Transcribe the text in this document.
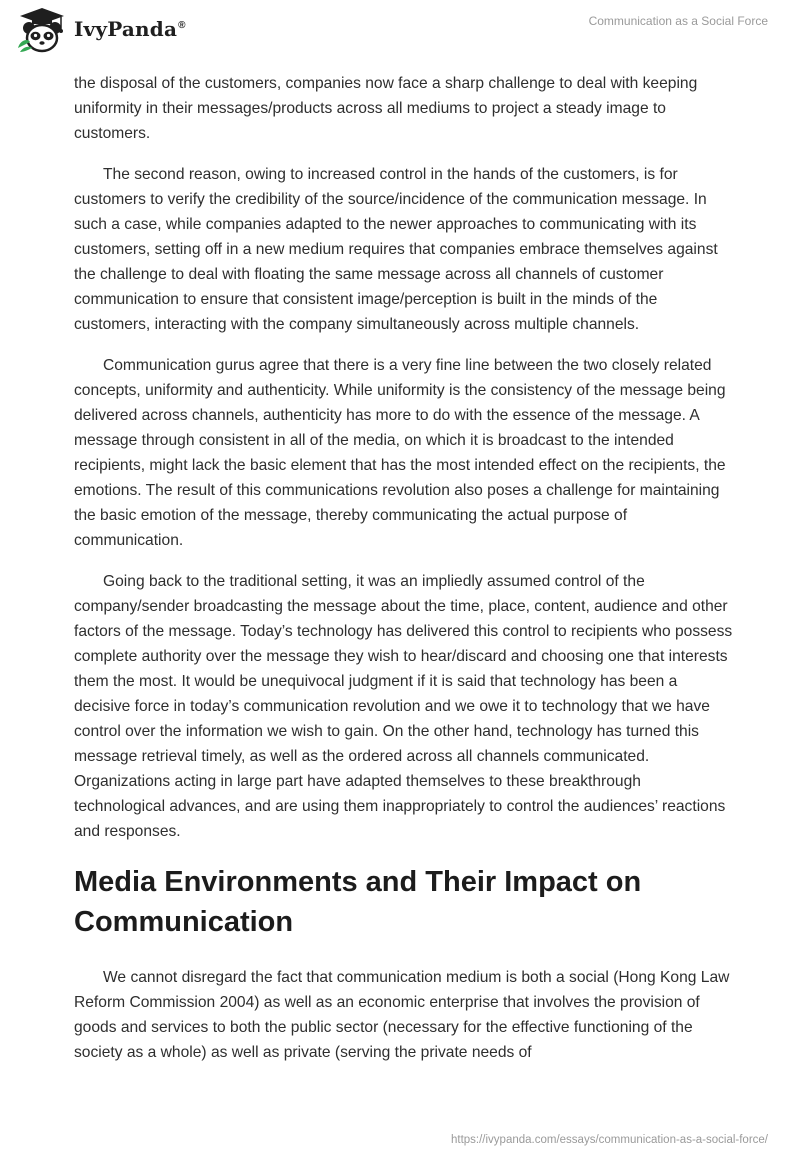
IvyPanda®	Communication as a Social Force

the disposal of the customers, companies now face a sharp challenge to deal with keeping uniformity in their messages/products across all mediums to project a steady image to customers.

The second reason, owing to increased control in the hands of the customers, is for customers to verify the credibility of the source/incidence of the communication message. In such a case, while companies adapted to the newer approaches to communicating with its customers, setting off in a new medium requires that companies embrace themselves against the challenge to deal with floating the same message across all channels of customer communication to ensure that consistent image/perception is built in the minds of the customers, interacting with the company simultaneously across multiple channels.

Communication gurus agree that there is a very fine line between the two closely related concepts, uniformity and authenticity. While uniformity is the consistency of the message being delivered across channels, authenticity has more to do with the essence of the message. A message through consistent in all of the media, on which it is broadcast to the intended recipients, might lack the basic element that has the most intended effect on the recipients, the emotions. The result of this communications revolution also poses a challenge for maintaining the basic emotion of the message, thereby communicating the actual purpose of communication.

Going back to the traditional setting, it was an impliedly assumed control of the company/sender broadcasting the message about the time, place, content, audience and other factors of the message. Today’s technology has delivered this control to recipients who possess complete authority over the message they wish to hear/discard and choosing one that interests them the most. It would be unequivocal judgment if it is said that technology has been a decisive force in today’s communication revolution and we owe it to technology that we have control over the information we wish to gain. On the other hand, technology has turned this message retrieval timely, as well as the ordered across all channels communicated. Organizations acting in large part have adapted themselves to these breakthrough technological advances, and are using them inappropriately to control the audiences’ reactions and responses.

Media Environments and Their Impact on Communication

We cannot disregard the fact that communication medium is both a social (Hong Kong Law Reform Commission 2004) as well as an economic enterprise that involves the provision of goods and services to both the public sector (necessary for the effective functioning of the society as a whole) as well as private (serving the private needs of

https://ivypanda.com/essays/communication-as-a-social-force/
